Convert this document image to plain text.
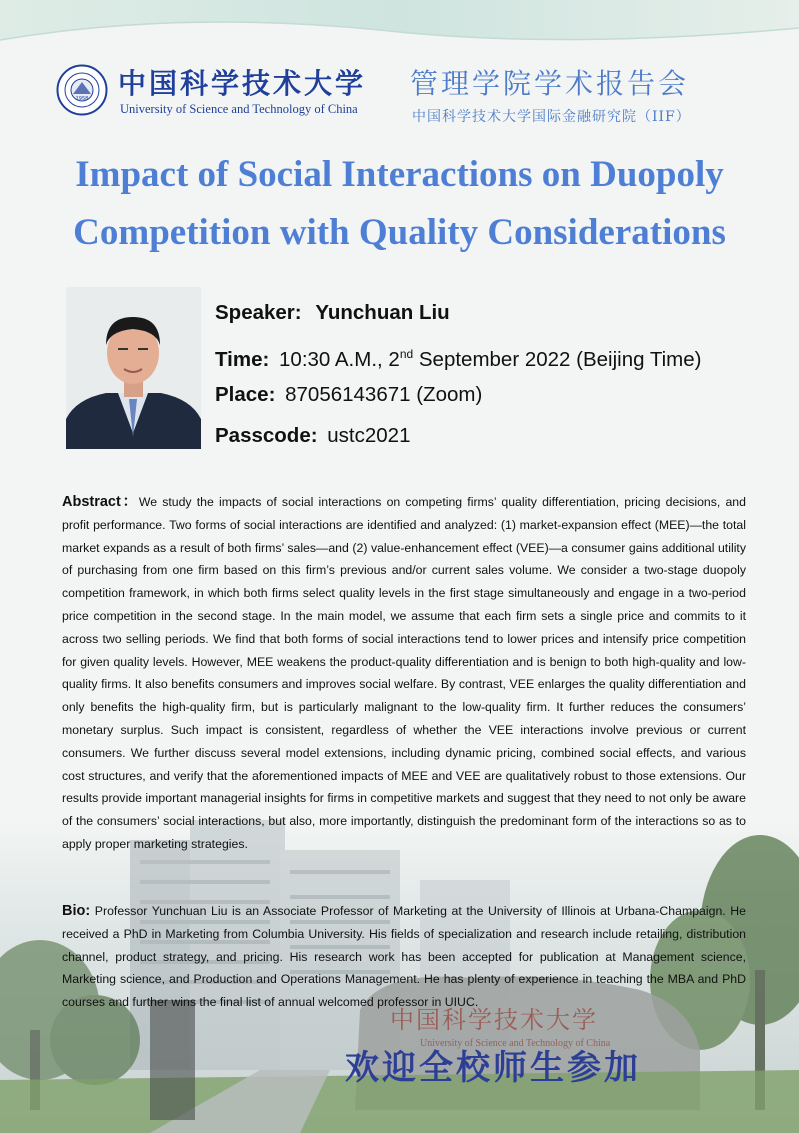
中国科学技术大学
University of Science and Technology of China
1958 中国科学技术大学
University of Science and Technology of China
管理学院学术报告会
中国科学技术大学国际金融研究院（IIF）
Impact of Social Interactions on Duopoly Competition with Quality Considerations
Speaker: Yunchuan Liu
Time: 10:30 A.M., 2nd September 2022 (Beijing Time)
Place: 87056143671 (Zoom)
Passcode: ustc2021
Abstract：We study the impacts of social interactions on competing firms’ quality differentiation, pricing decisions, and profit performance. Two forms of social interactions are identified and analyzed: (1) market-expansion effect (MEE)—the total market expands as a result of both firms’ sales—and (2) value-enhancement effect (VEE)—a consumer gains additional utility of purchasing from one firm based on this firm’s previous and/or current sales volume. We consider a two-stage duopoly competition framework, in which both firms select quality levels in the first stage simultaneously and engage in a two-period price competition in the second stage. In the main model, we assume that each firm sets a single price and commits to it across two selling periods. We find that both forms of social interactions tend to lower prices and intensify price competition for given quality levels. However, MEE weakens the product-quality differentiation and is benign to both high-quality and low-quality firms. It also benefits consumers and improves social welfare. By contrast, VEE enlarges the quality differentiation and only benefits the high-quality firm, but is particularly malignant to the low-quality firm. It further reduces the consumers’ monetary surplus. Such impact is consistent, regardless of whether the VEE interactions involve previous or current consumers. We further discuss several model extensions, including dynamic pricing, combined social effects, and various cost structures, and verify that the aforementioned impacts of MEE and VEE are qualitatively robust to those extensions. Our results provide important managerial insights for firms in competitive markets and suggest that they need to not only be aware of the consumers’ social interactions, but also, more importantly, distinguish the predominant form of the interactions so as to apply proper marketing strategies.
Bio: Professor Yunchuan Liu is an Associate Professor of Marketing at the University of Illinois at Urbana-Champaign. He received a PhD in Marketing from Columbia University. His fields of specialization and research include retailing, distribution channel, product strategy, and pricing. His research work has been accepted for publication at Management science, Marketing science, and Production and Operations Management. He has plenty of experience in teaching the MBA and PhD courses and further wins the final list of annual welcomed professor in UIUC.
欢迎全校师生参加
